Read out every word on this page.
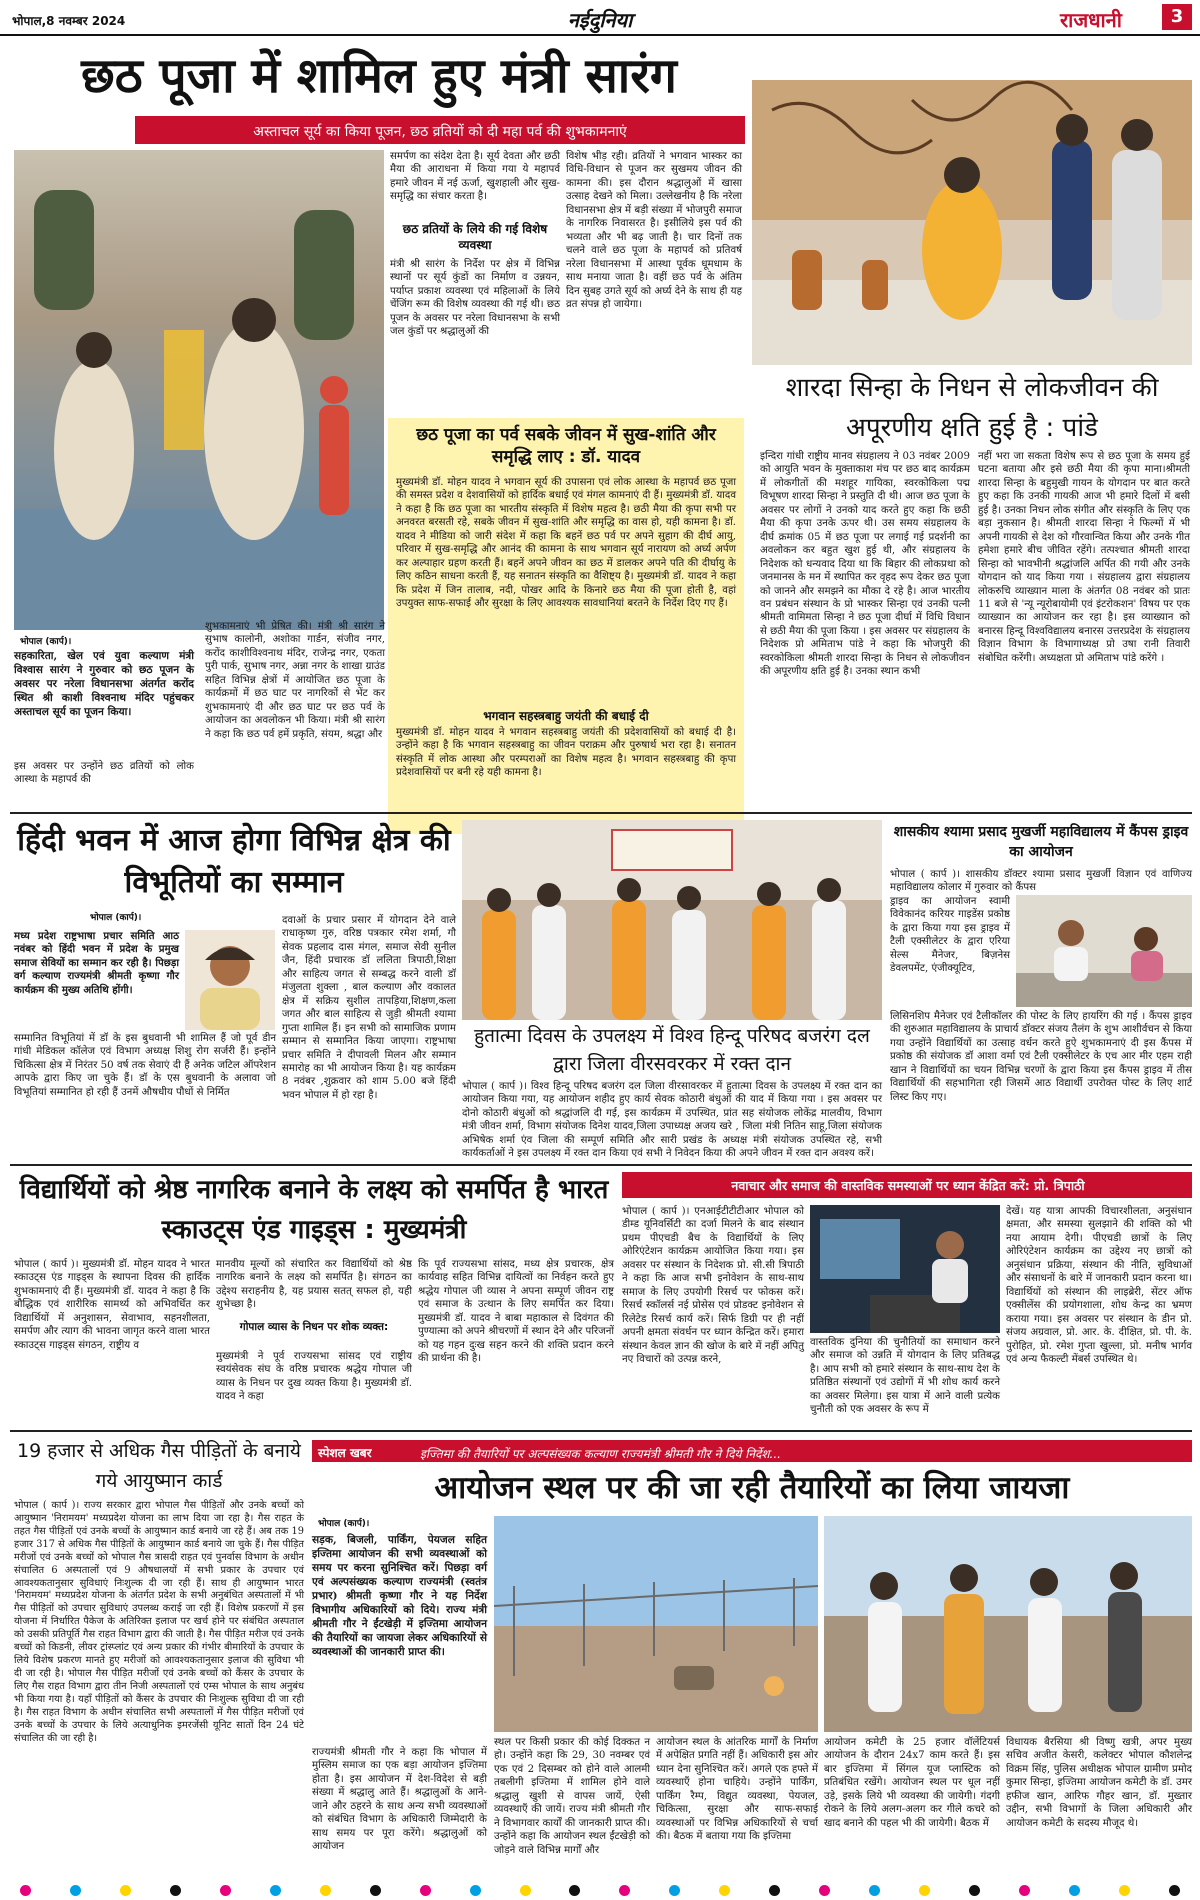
भोपाल,8 नवम्बर 2024	नईदुनिया	राजधानी	3
छठ पूजा में शामिल हुए मंत्री सारंग
अस्ताचल सूर्य का किया पूजन, छठ व्रतियों को दी महा पर्व की शुभकामनाएं
भोपाल (कार्प)।
सहकारिता, खेल एवं युवा कल्याण मंत्री विश्वास सारंग ने गुरुवार को छठ पूजन के अवसर पर नरेला विधानसभा अंतर्गत करोंद स्थित श्री काशी विश्वनाथ मंदिर पहुंचकर अस्ताचल सूर्य का पूजन किया।
इस अवसर पर उन्होंने छठ व्रतियों को लोक आस्था के महापर्व की
शुभकामनाएं भी प्रेषित की। मंत्री श्री सारंग ने सुभाष कालोनी, अशोका गार्डन, संजीव नगर, करोंद काशीविश्वनाथ मंदिर, राजेन्द्र नगर, एकता पुरी पार्क, सुभाष नगर, अन्ना नगर के शाखा ग्राउंड सहित विभिन्न क्षेत्रों में आयोजित छठ पूजा के कार्यक्रमों में छठ घाट पर नागरिकों से भेंट कर शुभकामनाएं दी और छठ घाट पर छठ पर्व के आयोजन का अवलोकन भी किया। मंत्री श्री सारंग ने कहा कि छठ पर्व हमें प्रकृति, संयम, श्रद्धा और
समर्पण का संदेश देता है। सूर्य देवता और छठी मैया की आराधना में किया गया ये महापर्व हमारे जीवन में नई ऊर्जा, खुशहाली और सुख-समृद्धि का संचार करता है।
छठ व्रतियों के लिये की गई विशेष व्यवस्था
मंत्री श्री सारंग के निर्देश पर क्षेत्र में विभिन्न स्थानों पर सूर्य कुंडों का निर्माण व उन्नयन, पर्याप्त प्रकाश व्यवस्था एवं महिलाओं के लिये चेंजिंग रूम की विशेष व्यवस्था की गई थी। छठ पूजन के अवसर पर नरेला विधानसभा के सभी जल कुंडों पर श्रद्धालुओं की
विशेष भीड़ रही। व्रतियों ने भगवान भास्कर का विधि-विधान से पूजन कर सुखमय जीवन की कामना की। इस दौरान श्रद्धालुओं में खासा उत्साह देखने को मिला। उल्लेखनीय है कि नरेला विधानसभा क्षेत्र में बड़ी संख्या में भोजपुरी समाज के नागरिक निवासरत है। इसीलिये इस पर्व की भव्यता और भी बढ़ जाती है। चार दिनों तक चलने वाले छठ पूजा के महापर्व को प्रतिवर्ष नरेला विधानसभा में आस्था पूर्वक धूमधाम के साथ मनाया जाता है। वहीं छठ पर्व के अंतिम दिन सुबह उगते सूर्य को अर्घ्य देने के साथ ही यह व्रत संपन्न हो जायेगा।
छठ पूजा का पर्व सबके जीवन में सुख-शांति और समृद्धि लाए : डॉ. यादव
मुख्यमंत्री डॉ. मोहन यादव ने भगवान सूर्य की उपासना एवं लोक आस्था के महापर्व छठ पूजा की समस्त प्रदेश व देशवासियों को हार्दिक बधाई एवं मंगल कामनाएं दी हैं। मुख्यमंत्री डॉ. यादव ने कहा है कि छठ पूजा का भारतीय संस्कृति में विशेष महत्व है। छठी मैया की कृपा सभी पर अनवरत बरसती रहे, सबके जीवन में सुख-शांति और समृद्धि का वास हो, यही कामना है। डॉ. यादव ने मीडिया को जारी संदेश में कहा कि बहनें छठ पर्व पर अपने सुहाग की दीर्घ आयु, परिवार में सुख-समृद्धि और आनंद की कामना के साथ भगवान सूर्य नारायण को अर्घ्य अर्पण कर अल्पाहार ग्रहण करती हैं। बहनें अपने जीवन का छठ में डालकर अपने पति की दीर्घायु के लिए कठिन साधना करती हैं, यह सनातन संस्कृति का वैशिष्ट्य है। मुख्यमंत्री डॉ. यादव ने कहा कि प्रदेश में जिन तालाब, नदी, पोखर आदि के किनारे छठ मैया की पूजा होती है, वहां उपयुक्त साफ-सफाई और सुरक्षा के लिए आवश्यक सावधानियां बरतने के निर्देश दिए गए हैं।
भगवान सहस्त्रबाहु जयंती की बधाई दी
मुख्यमंत्री डॉ. मोहन यादव ने भगवान सहस्त्रबाहु जयंती की प्रदेशवासियों को बधाई दी है। उन्होंने कहा है कि भगवान सहस्त्रबाहु का जीवन पराक्रम और पुरुषार्थ भरा रहा है। सनातन संस्कृति में लोक आस्था और परम्पराओं का विशेष महत्व है। भगवान सहस्त्रबाहु की कृपा प्रदेशवासियों पर बनी रहे यही कामना है।
शारदा सिन्हा के निधन से लोकजीवन की अपूरणीय क्षति हुई है : पांडे
इन्दिरा गांधी राष्ट्रीय मानव संग्रहालय ने 03 नवंबर 2009 को आयुति भवन के मुक्ताकाश मंच पर छठ बाद कार्यक्रम में लोकगीतों की मशहूर गायिका, स्वरकोकिला पद्म विभूषण शारदा सिन्हा ने प्रस्तुति दी थी। आज छठ पूजा के अवसर पर लोगों ने उनको याद करते हुए कहा कि छठी मैया की कृपा उनके ऊपर थी। उस समय संग्रहालय के दीर्घ क्रमांक 05 में छठ पूजा पर लगाई गई प्रदर्शनी का अवलोकन कर बहुत खुश हुई थी, और संग्रहालय के निदेशक को धन्यवाद दिया था कि बिहार की लोकप्रथा को जनमानस के मन में स्थापित कर वृहद रूप देकर छठ पूजा को जानने और समझने का मौका दे रहे है। आज भारतीय वन प्रबंधन संस्थान के प्रो भास्कर सिन्हा एवं उनकी पत्नी श्रीमती वामिमता सिन्हा ने छठ पूजा दीर्घा में विधि विधान से छठी मैया की पूजा किया । इस अवसर पर संग्रहालय के निदेशक प्रो अमिताभ पांडे ने कहा कि भोजपुरी की स्वरकोकिला श्रीमती शारदा सिन्हा के निधन से लोकजीवन की अपूरणीय क्षति हुई है। उनका स्थान कभी
नहीं भरा जा सकता विशेष रूप से छठ पूजा के समय हुई घटना बताया और इसे छठी मैया की कृपा माना।श्रीमती शारदा सिन्हा के बहुमुखी गायन के योगदान पर बात करते हुए कहा कि उनकी गायकी आज भी हमारे दिलों में बसी हुई है। उनका निधन लोक संगीत और संस्कृति के लिए एक बड़ा नुकसान है। श्रीमती शारदा सिन्हा ने फिल्मों में भी अपनी गायकी से देश को गौरवान्वित किया और उनके गीत हमेशा हमारे बीच जीवित रहेंगे। तत्पश्चात श्रीमती शारदा सिन्हा को भावभीनी श्रद्धांजलि अर्पित की गयी और उनके योगदान को याद किया गया । संग्रहालय द्वारा संग्रहालय लोकरुचि व्याख्यान माला के अंतर्गत 08 नवंबर को प्रातः 11 बजे से 'न्यू न्यूरोबायोमी एवं इंटरोकशन' विषय पर एक व्याख्यान का आयोजन कर रहा है। इस व्याख्यान को बनारस हिन्दू विश्वविद्यालय बनारस उत्तरप्रदेश के संग्रहालय विज्ञान विभाग के विभागाध्यक्ष प्रो उषा रानी तिवारी संबोधित करेंगी। अध्यक्षता प्रो अमिताभ पांडे करेंगे ।
हिंदी भवन में आज होगा विभिन्न क्षेत्र की विभूतियों का सम्मान
भोपाल (कार्प)।
मध्य प्रदेश राष्ट्रभाषा प्रचार समिति आठ नवंबर को हिंदी भवन में प्रदेश के प्रमुख समाज सेवियों का सम्मान कर रही है। पिछड़ा वर्ग कल्याण राज्यमंत्री श्रीमती कृष्णा गौर कार्यक्रम की मुख्य अतिथि होंगी।
सम्मानित विभूतियां में डॉ के इस बुधवानी भी शामिल हैं जो पूर्व डीन गांधी मेडिकल कॉलेज एवं विभाग अध्यक्ष शिशु रोग सर्जरी हैं। इन्होंने चिकित्सा क्षेत्र में निरंतर 50 वर्ष तक सेवाएं दी हैं अनेक जटिल ऑपरेशन आपके द्वारा किए जा चुके हैं। डॉ के एस बुधवानी के अलावा जो विभूतियां सम्मानित हो रही हैं उनमें औषधीय पौधों से निर्मित
दवाओं के प्रचार प्रसार में योगदान देने वाले राधाकृष्ण गुरु, वरिष्ठ पत्रकार रमेश शर्मा, गौ सेवक प्रहलाद दास मंगल, समाज सेवी सुनील जैन, हिंदी प्रचारक डॉ ललिता त्रिपाठी,शिक्षा और साहित्य जगत से सम्बद्ध करने वाली डॉ मंजुलता शुक्ला , बाल कल्याण और वकालत क्षेत्र में सक्रिय सुशील तापड़िया,शिक्षण,कला जगत और बाल साहित्य से जुड़ी श्रीमती श्यामा गुप्ता शामिल हैं। इन सभी को सामाजिक प्रणाम सम्मान से सम्मानित किया जाएगा। राष्ट्रभाषा प्रचार समिति ने दीपावली मिलन और सम्मान समारोह का भी आयोजन किया है। यह कार्यक्रम 8 नवंबर ,शुक्रवार को शाम 5.00 बजे हिंदी भवन भोपाल में हो रहा है।
हुतात्मा दिवस के उपलक्ष्य में विश्व हिन्दू परिषद बजरंग दल द्वारा जिला वीरसवरकर में रक्त दान
भोपाल ( कार्प )। विश्व हिन्दू परिषद बजरंग दल जिला वीरसावरकर में हुतात्मा दिवस के उपलक्ष्य में रक्त दान का आयोजन किया गया, यह आयोजन शहीद हुए कार्य सेवक कोठारी बंधुओं की याद में किया गया । इस अवसर पर दोनो कोठारी बंधुओं को श्रद्धांजलि दी गई, इस कार्यक्रम में उपस्थित, प्रांत सह संयोजक लोकेंद्र मालवीय, विभाग मंत्री जीवन शर्मा, विभाग संयोजक दिनेश यादव,जिला उपाध्यक्ष अजय खरे , जिला मंत्री नितिन साहू,जिला संयोजक अभिषेक शर्मा एंव जिला की सम्पूर्ण समिति और सारी प्रखंड के अध्यक्ष मंत्री संयोजक उपस्थित रहे, सभी कार्यकर्ताओं ने इस उपलक्ष्य में रक्त दान किया एवं सभी ने निवेदन किया की अपने जीवन में रक्त दान अवश्य करें।
शासकीय श्यामा प्रसाद मुखर्जी महाविद्यालय में कैंपस ड्राइव का आयोजन
भोपाल ( कार्प )। शासकीय डॉक्टर श्यामा प्रसाद मुखर्जी विज्ञान एवं वाणिज्य महाविद्यालय कोलार में गुरुवार को कैंपस
ड्राइव का आयोजन स्वामी विवेकानंद करियर गाइडेंस प्रकोष्ठ के द्वारा किया गया इस ड्राइव में टैली एक्सीलेटर के द्वारा एरिया सेल्स मैनेजर, बिज़नेस डेवलपमेंट, एंजीक्यूटिव,
लिसिनशिप मैनेजर एवं टैलीकॉलर की पोस्ट के लिए हायरिंग की गई । कैंपस ड्राइव की शुरुआत महाविद्यालय के प्राचार्य डॉक्टर संजय तैलंग के शुभ आशीर्वचन से किया गया उन्होंने विद्यार्थियों का उत्साह वर्धन करते हुऐ शुभकामनाएं दी इस कैंपस में प्रकोष्ठ की संयोजक डॉ आशा वर्मा एवं टैली एक्सीलेटर के एच आर मीर एहम राही खान ने विद्यार्थियों का चयन विभिन्न चरणों के द्वारा किया इस कैंपस ड्राइव में तीस विद्यार्थियों की सहभागिता रही जिसमें आठ विद्यार्थी उपरोक्त पोस्ट के लिए शार्ट लिस्ट किए गए।
विद्यार्थियों को श्रेष्ठ नागरिक बनाने के लक्ष्य को समर्पित है भारत स्काउट्स एंड गाइड्स : मुख्यमंत्री
भोपाल ( कार्प )। मुख्यमंत्री डॉ. मोहन यादव ने भारत स्काउट्स एंड गाइड्स के स्थापना दिवस की हार्दिक शुभकामनाएं दी हैं। मुख्यमंत्री डॉ. यादव ने कहा है कि बौद्धिक एवं शारीरिक सामर्थ्य को अभिवर्धित कर विद्यार्थियों में अनुशासन, सेवाभाव, सहनशीलता, समर्पण और त्याग की भावना जागृत करने वाला भारत स्काउट्स गाइड्स संगठन, राष्ट्रीय व
मानवीय मूल्यों को संचारित कर विद्यार्थियों को श्रेष्ठ नागरिक बनाने के लक्ष्य को समर्पित है। संगठन का उद्देश्य सराहनीय है, यह प्रयास सतत् सफल हो, यही शुभेच्छा है।
गोपाल व्यास के निधन पर शोक व्यक्त:
मुख्यमंत्री ने पूर्व राज्यसभा सांसद एवं राष्ट्रीय स्वयंसेवक संघ के वरिष्ठ प्रचारक श्रद्धेय गोपाल जी व्यास के निधन पर दुख व्यक्त किया है। मुख्यमंत्री डॉ. यादव ने कहा
कि पूर्व राज्यसभा सांसद, मध्य क्षेत्र प्रचारक, क्षेत्र कार्यवाह सहित विभिन्न दायित्वों का निर्वहन करते हुए श्रद्धेय गोपाल जी व्यास ने अपना सम्पूर्ण जीवन राष्ट्र एवं समाज के उत्थान के लिए समर्पित कर दिया। मुख्यमंत्री डॉ. यादव ने बाबा महाकाल से दिवंगत की पुण्यात्मा को अपने श्रीचरणों में स्थान देने और परिजनों को यह गहन दुःख सहन करने की शक्ति प्रदान करने की प्रार्थना की है।
नवाचार और समाज की वास्तविक समस्याओं पर ध्यान केंद्रित करें: प्रो. त्रिपाठी
भोपाल ( कार्प )। एनआईटीटीटीआर भोपाल को डीम्ड यूनिवर्सिटी का दर्जा मिलने के बाद संस्थान प्रथम पीएचडी बैच के विद्यार्थियों के लिए ओरिएंटेशन कार्यक्रम आयोजित किया गया। इस अवसर पर संस्थान के निदेशक प्रो. सी.सी त्रिपाठी ने कहा कि आज सभी इनोवेशन के साथ-साथ समाज के लिए उपयोगी रिसर्च पर फोकस करें। रिसर्च स्कॉलर्स नई प्रोसेस एवं प्रोडक्ट इनोवेशन से रिलेटेड रिसर्च कार्य करें। सिर्फ डिग्री पर ही नहीं अपनी क्षमता संवर्धन पर ध्यान केन्द्रित करें। हमारा संस्थान केवल ज्ञान की खोज के बारे में नहीं अपितु नए विचारों को उत्पन्न करने,
वास्तविक दुनिया की चुनौतियों का समाधान करने और समाज को उन्नति में योगदान के लिए प्रतिबद्ध है। आप सभी को हमारे संस्थान के साथ-साथ देश के प्रतिष्ठित संस्थानों एवं उद्योगों में भी शोध कार्य करने का अवसर मिलेगा। इस यात्रा में आने वाली प्रत्येक चुनौती को एक अवसर के रूप में
देखें। यह यात्रा आपकी विचारशीलता, अनुसंधान क्षमता, और समस्या सुलझाने की शक्ति को भी नया आयाम देगी। पीएचडी छात्रों के लिए ओरिएंटेशन कार्यक्रम का उद्देश्य नए छात्रों को अनुसंधान प्रक्रिया, संस्थान की नीति, सुविधाओं और संसाधनों के बारे में जानकारी प्रदान करना था। विद्यार्थियों को संस्थान की लाइब्रेरी, सेंटर ऑफ एक्सीलेंस की प्रयोगशाला, शोध केन्द्र का भ्रमण कराया गया। इस अवसर पर संस्थान के डीन प्रो. संजय अग्रवाल, प्रो. आर. के. दीक्षित, प्रो. पी. के. पुरोहित, प्रो. रमेश गुप्ता खुल्ला, प्रो. मनीष भार्गव एवं अन्य फैकल्टी मेंबर्स उपस्थित थे।
19 हजार से अधिक गैस पीड़ितों के बनाये गये आयुष्मान कार्ड
भोपाल ( कार्प )। राज्य सरकार द्वारा भोपाल गैस पीड़ितों और उनके बच्चों को आयुष्मान 'निरामयम' मध्यप्रदेश योजना का लाभ दिया जा रहा है। गैस राहत के तहत गैस पीड़ितों एवं उनके बच्चों के आयुष्मान कार्ड बनाये जा रहे हैं। अब तक 19 हजार 317 से अधिक गैस पीड़ितों के आयुष्मान कार्ड बनाये जा चुके हैं। गैस पीड़ित मरीजों एवं उनके बच्चों को भोपाल गैस त्रासदी राहत एवं पुनर्वास विभाग के अधीन संचालित 6 अस्पतालों एवं 9 औषधालयों में सभी प्रकार के उपचार एवं आवश्यकतानुसार सुविधाएं निःशुल्क दी जा रही हैं। साथ ही आयुष्मान भारत 'निरामयम' मध्यप्रदेश योजना के अंतर्गत प्रदेश के सभी अनुबंधित अस्पतालों में भी गैस पीड़ितों को उपचार सुविधाएं उपलब्ध कराई जा रही हैं। विशेष प्रकरणों में इस योजना में निर्धारित पैकेज के अतिरिक्त इलाज पर खर्च होने पर संबंधित अस्पताल को उसकी प्रतिपूर्ति गैस राहत विभाग द्वारा की जाती है। गैस पीड़ित मरीज एवं उनके बच्चों को किडनी, लीवर ट्रांस्प्लांट एवं अन्य प्रकार की गंभीर बीमारियों के उपचार के लिये विशेष प्रकरण मानते हुए मरीजों को आवश्यकतानुसार इलाज की सुविधा भी दी जा रही है। भोपाल गैस पीड़ित मरीजों एवं उनके बच्चों को कैंसर के उपचार के लिए गैस राहत विभाग द्वारा तीन निजी अस्पतालों एवं एम्स भोपाल के साथ अनुबंध भी किया गया है। यहाँ पीड़ितों को कैंसर के उपचार की निःशुल्क सुविधा दी जा रही है। गैस राहत विभाग के अधीन संचालित सभी अस्पतालों में गैस पीड़ित मरीजों एवं उनके बच्चों के उपचार के लिये अत्याधुनिक इमरजेंसी यूनिट सातों दिन 24 घंटे संचालित की जा रही है।
स्पेशल खबर	इज्तिमा की तैयारियों पर अल्पसंख्यक कल्याण राज्यमंत्री श्रीमती गौर ने दिये निर्देश...
आयोजन स्थल पर की जा रही तैयारियों का लिया जायजा
भोपाल (कार्प)।
सड़क, बिजली, पार्किंग, पेयजल सहित इज्तिमा आयोजन की सभी व्यवस्थाओं को समय पर करना सुनिश्चित करें। पिछड़ा वर्ग एवं अल्पसंख्यक कल्याण राज्यमंत्री (स्वतंत्र प्रभार) श्रीमती कृष्णा गौर ने यह निर्देश विभागीय अधिकारियों को दिये। राज्य मंत्री श्रीमती गौर ने ईंटखेड़ी में इज्तिमा आयोजन की तैयारियों का जायजा लेकर अधिकारियों से व्यवस्थाओं की जानकारी प्राप्त की।
राज्यमंत्री श्रीमती गौर ने कहा कि भोपाल में मुस्लिम समाज का एक बड़ा आयोजन इज्तिमा होता है। इस आयोजन में देश-विदेश से बड़ी संख्या में श्रद्धालु आते हैं। श्रद्धालुओं के आने-जाने और ठहरने के साथ अन्य सभी व्यवस्थाओं को संबंधित विभाग के अधिकारी जिम्मेदारी के साथ समय पर पूरा करेंगे। श्रद्धालुओं को आयोजन
स्थल पर किसी प्रकार की कोई दिक्कत न हो। उन्होंने कहा कि 29, 30 नवम्बर एवं एक एवं 2 दिसम्बर को होने वाले आलमी तबलीगी इज्तिमा में शामिल होने वाले श्रद्धालु खुशी से वापस जायें, ऐसी व्यवस्थाएँ की जायें। राज्य मंत्री श्रीमती गौर ने विभागवार कार्यों की जानकारी प्राप्त की। उन्होंने कहा कि आयोजन स्थल ईंटखेड़ी को जोड़ने वाले विभिन्न मार्गों और
आयोजन स्थल के आंतरिक मार्गों के निर्माण में अपेक्षित प्रगति नहीं हैं। अधिकारी इस ओर ध्यान देना सुनिश्चित करें। अगले एक हफ्ते में व्यवस्थाएँ होना चाहिये। उन्होंने पार्किंग, पार्किंग रैम्प, विद्युत व्यवस्था, पेयजल, चिकित्सा, सुरक्षा और साफ-सफाई व्यवस्थाओं पर विभिन्न अधिकारियों से चर्चा की। बैठक में बताया गया कि इज्तिमा
आयोजन कमेटी के 25 हजार वॉलेंटियर्स आयोजन के दौरान 24x7 काम करते हैं। इस बार इज्तिमा में सिंगल यूज प्लास्टिक को प्रतिबंधित रखेंगे। आयोजन स्थल पर धूल नहीं उड़े, इसके लिये भी व्यवस्था की जायेगी। गंदगी रोकने के लिये अलग-अलग कर गीले कचरे को खाद बनाने की पहल भी की जायेगी। बैठक में
विधायक बैरसिया श्री विष्णु खत्री, अपर मुख्य सचिव अजीत केसरी, कलेक्टर भोपाल कौशलेन्द्र विक्रम सिंह, पुलिस अधीक्षक भोपाल ग्रामीण प्रमोद कुमार सिन्हा, इज्तिमा आयोजन कमेटी के डॉ. उमर हफीज खान, आरिफ गौहर खान, डॉ. मुख्तार उद्दीन, सभी विभागों के जिला अधिकारी और आयोजन कमेटी के सदस्य मौजूद थे।
